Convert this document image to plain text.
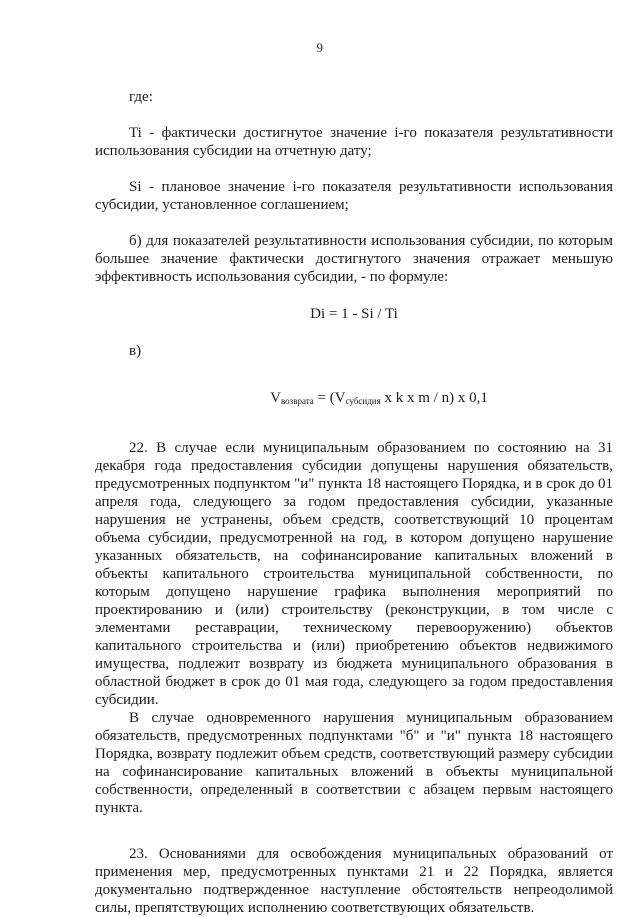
9

где:

Ti - фактически достигнутое значение i-го показателя результативности использования субсидии на отчетную дату;

Si - плановое значение i-го показателя результативности использования субсидии, установленное соглашением;

б) для показателей результативности использования субсидии, по которым большее значение фактически достигнутого значения отражает меньшую эффективность использования субсидии, - по формуле:

Di = 1 - Si / Ti

в)

$V_{возврата} = (V_{субсидия}$ x k x m / n) x 0,1

22. В случае если муниципальным образованием по состоянию на 31 декабря года предоставления субсидии допущены нарушения обязательств, предусмотренных подпунктом "и" пункта 18 настоящего Порядка, и в срок до 01 апреля года, следующего за годом предоставления субсидии, указанные нарушения не устранены, объем средств, соответствующий 10 процентам объема субсидии, предусмотренной на год, в котором допущено нарушение указанных обязательств, на софинансирование капитальных вложений в объекты капитального строительства муниципальной собственности, по которым допущено нарушение графика выполнения мероприятий по проектированию и (или) строительству (реконструкции, в том числе с элементами реставрации, техническому перевооружению) объектов капитального строительства и (или) приобретению объектов недвижимого имущества, подлежит возврату из бюджета муниципального образования в областной бюджет в срок до 01 мая года, следующего за годом предоставления субсидии.

В случае одновременного нарушения муниципальным образованием обязательств, предусмотренных подпунктами "б" и "и" пункта 18 настоящего Порядка, возврату подлежит объем средств, соответствующий размеру субсидии на софинансирование капитальных вложений в объекты муниципальной собственности, определенный в соответствии с абзацем первым настоящего пункта.

23. Основаниями для освобождения муниципальных образований от применения мер, предусмотренных пунктами 21 и 22 Порядка, является документально подтвержденное наступление обстоятельств непреодолимой силы, препятствующих исполнению соответствующих обязательств.
